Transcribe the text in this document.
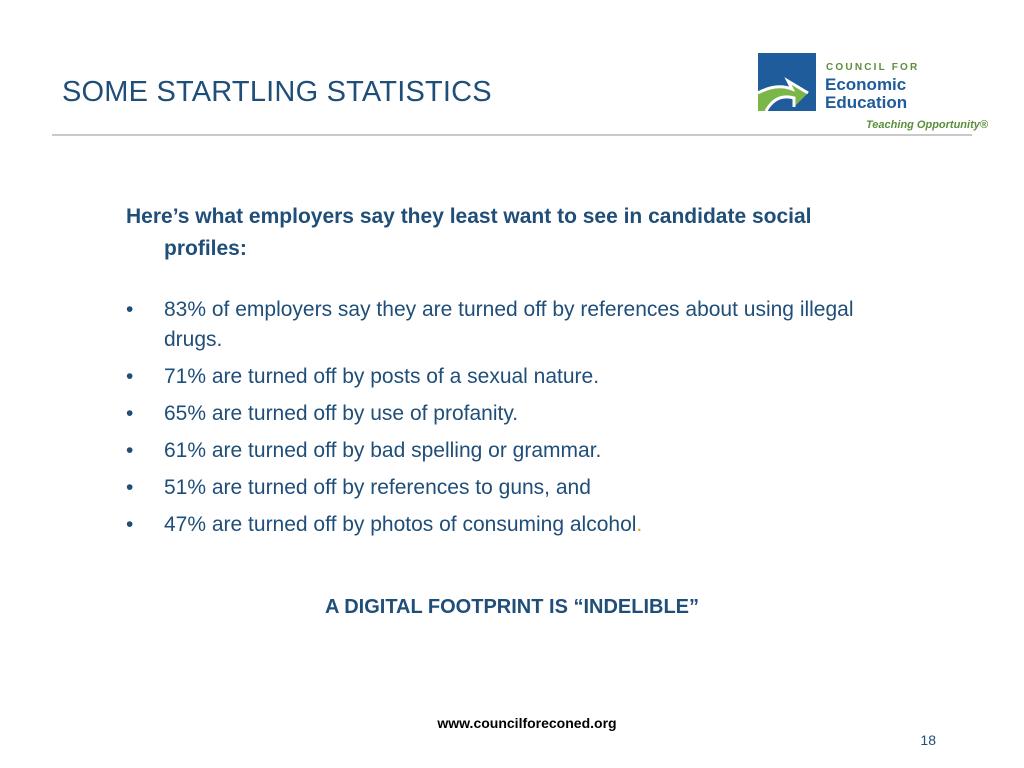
SOME STARTLING STATISTICS
COUNCIL FOR
Economic
Education
Teaching Opportunity®

Here’s what employers say they least want to see in candidate social profiles:

• 83% of employers say they are turned off by references about using illegal drugs.
• 71% are turned off by posts of a sexual nature.
• 65% are turned off by use of profanity.
• 61% are turned off by bad spelling or grammar.
• 51% are turned off by references to guns, and
• 47% are turned off by photos of consuming alcohol.
A DIGITAL FOOTPRINT IS “INDELIBLE”
www.councilforeconed.org
18
